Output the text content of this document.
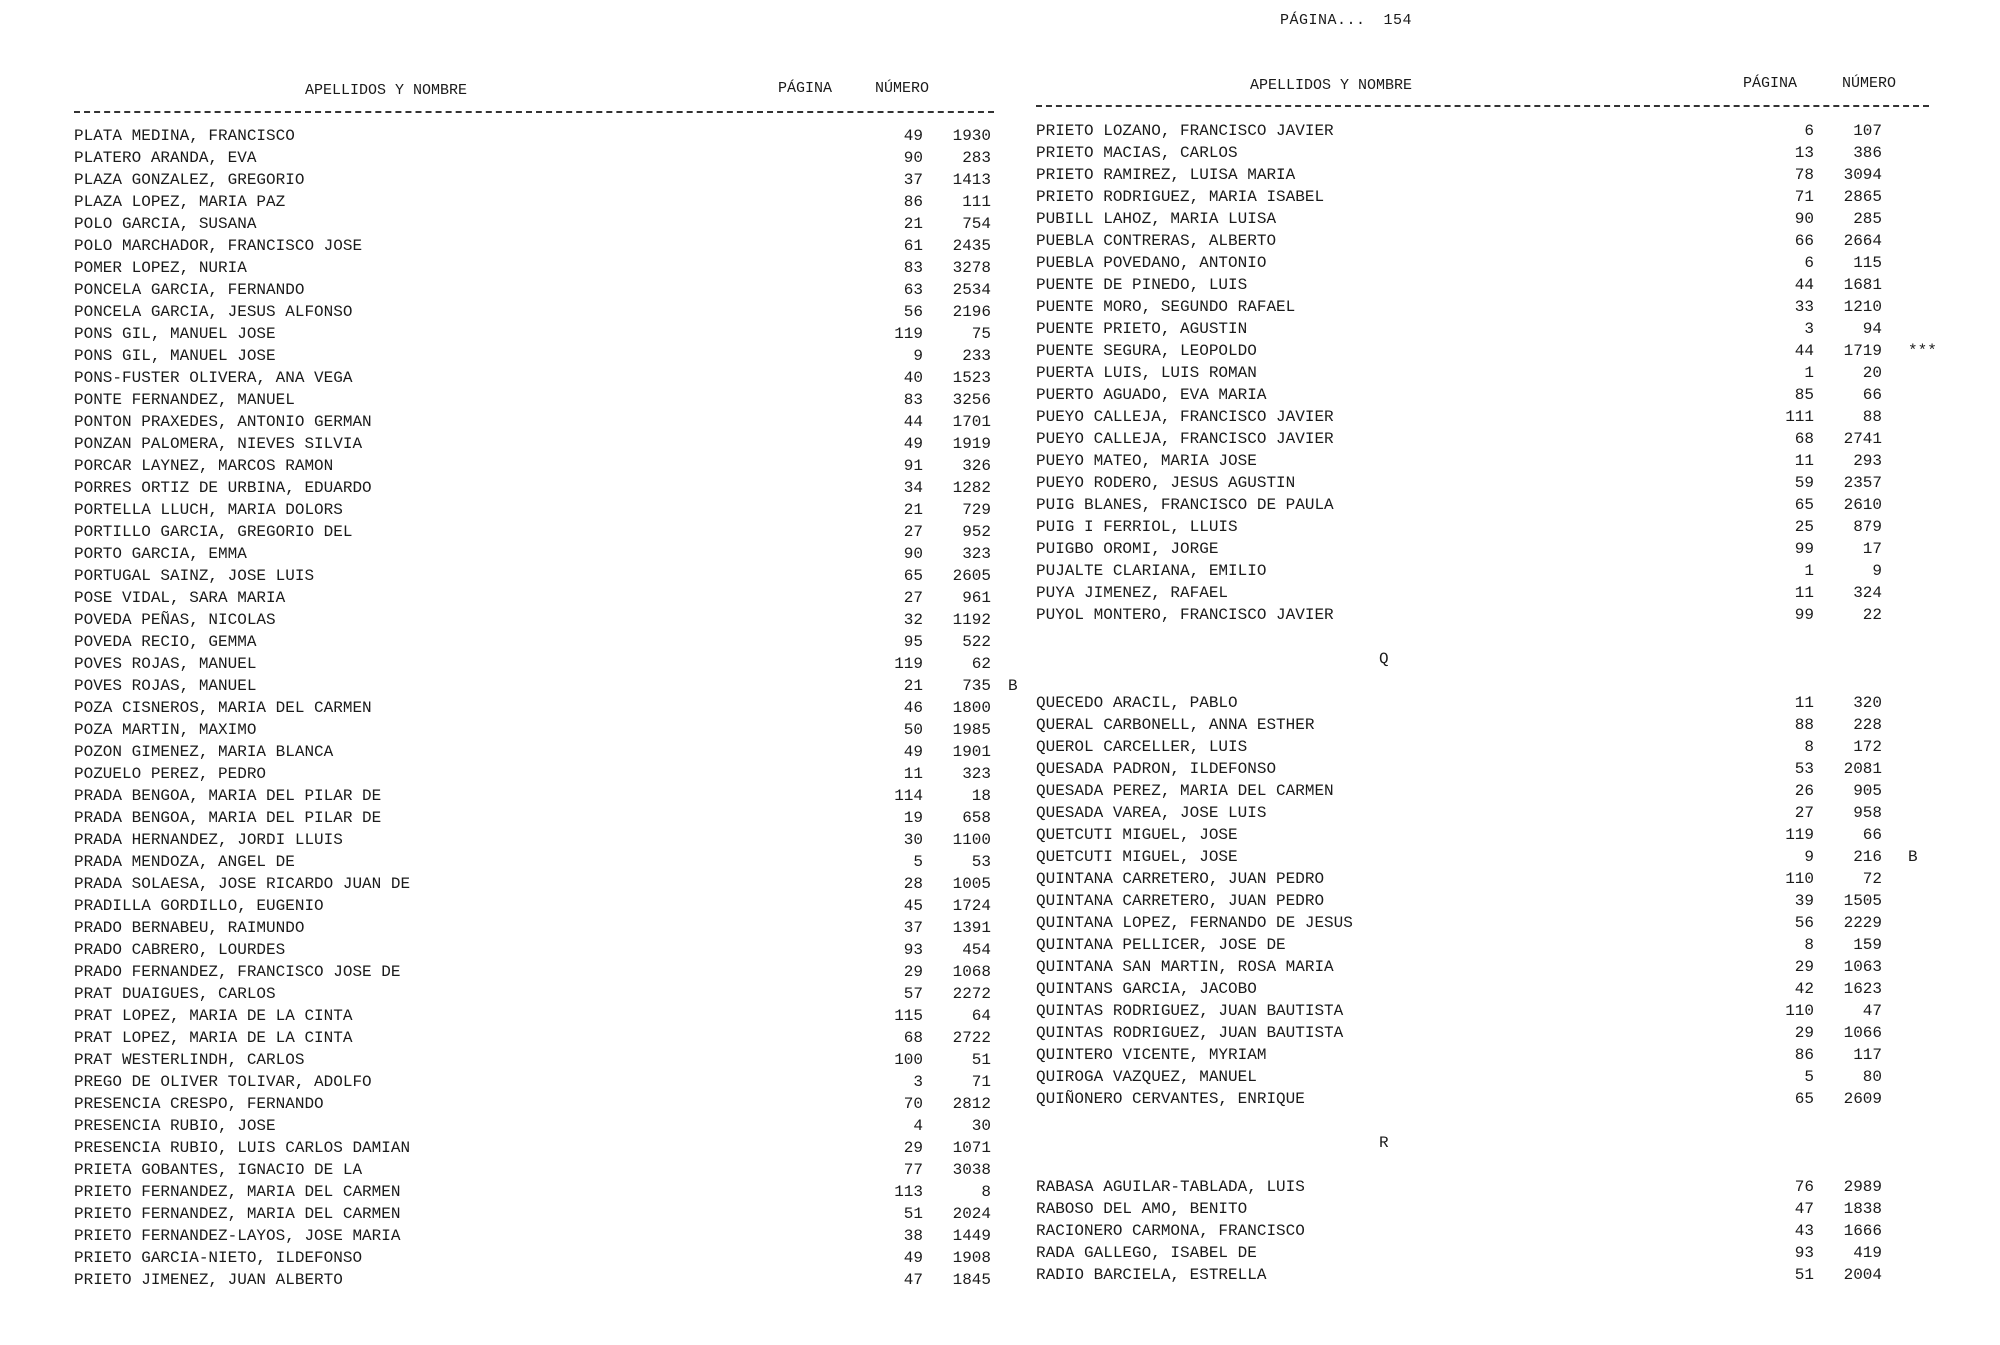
PÁGINA... 154
APELLIDOS Y NOMBRE	PÁGINA	NÚMERO	APELLIDOS Y NOMBRE	PÁGINA	NÚMERO
PLATA MEDINA, FRANCISCO	49	1930
PLATERO ARANDA, EVA	90	283
PLAZA GONZALEZ, GREGORIO	37	1413
PLAZA LOPEZ, MARIA PAZ	86	111
POLO GARCIA, SUSANA	21	754
POLO MARCHADOR, FRANCISCO JOSE	61	2435
POMER LOPEZ, NURIA	83	3278
PONCELA GARCIA, FERNANDO	63	2534
PONCELA GARCIA, JESUS ALFONSO	56	2196
PONS GIL, MANUEL JOSE	119	75
PONS GIL, MANUEL JOSE	9	233
PONS-FUSTER OLIVERA, ANA VEGA	40	1523
PONTE FERNANDEZ, MANUEL	83	3256
PONTON PRAXEDES, ANTONIO GERMAN	44	1701
PONZAN PALOMERA, NIEVES SILVIA	49	1919
PORCAR LAYNEZ, MARCOS RAMON	91	326
PORRES ORTIZ DE URBINA, EDUARDO	34	1282
PORTELLA LLUCH, MARIA DOLORS	21	729
PORTILLO GARCIA, GREGORIO DEL	27	952
PORTO GARCIA, EMMA	90	323
PORTUGAL SAINZ, JOSE LUIS	65	2605
POSE VIDAL, SARA MARIA	27	961
POVEDA PEÑAS, NICOLAS	32	1192
POVEDA RECIO, GEMMA	95	522
POVES ROJAS, MANUEL	119	62
POVES ROJAS, MANUEL	21	735 B
POZA CISNEROS, MARIA DEL CARMEN	46	1800
POZA MARTIN, MAXIMO	50	1985
POZON GIMENEZ, MARIA BLANCA	49	1901
POZUELO PEREZ, PEDRO	11	323
PRADA BENGOA, MARIA DEL PILAR DE	114	18
PRADA BENGOA, MARIA DEL PILAR DE	19	658
PRADA HERNANDEZ, JORDI LLUIS	30	1100
PRADA MENDOZA, ANGEL DE	5	53
PRADA SOLAESA, JOSE RICARDO JUAN DE	28	1005
PRADILLA GORDILLO, EUGENIO	45	1724
PRADO BERNABEU, RAIMUNDO	37	1391
PRADO CABRERO, LOURDES	93	454
PRADO FERNANDEZ, FRANCISCO JOSE DE	29	1068
PRAT DUAIGUES, CARLOS	57	2272
PRAT LOPEZ, MARIA DE LA CINTA	115	64
PRAT LOPEZ, MARIA DE LA CINTA	68	2722
PRAT WESTERLINDH, CARLOS	100	51
PREGO DE OLIVER TOLIVAR, ADOLFO	3	71
PRESENCIA CRESPO, FERNANDO	70	2812
PRESENCIA RUBIO, JOSE	4	30
PRESENCIA RUBIO, LUIS CARLOS DAMIAN	29	1071
PRIETA GOBANTES, IGNACIO DE LA	77	3038
PRIETO FERNANDEZ, MARIA DEL CARMEN	113	8
PRIETO FERNANDEZ, MARIA DEL CARMEN	51	2024
PRIETO FERNANDEZ-LAYOS, JOSE MARIA	38	1449
PRIETO GARCIA-NIETO, ILDEFONSO	49	1908
PRIETO JIMENEZ, JUAN ALBERTO	47	1845
PRIETO LOZANO, FRANCISCO JAVIER	6	107
PRIETO MACIAS, CARLOS	13	386
PRIETO RAMIREZ, LUISA MARIA	78	3094
PRIETO RODRIGUEZ, MARIA ISABEL	71	2865
PUBILL LAHOZ, MARIA LUISA	90	285
PUEBLA CONTRERAS, ALBERTO	66	2664
PUEBLA POVEDANO, ANTONIO	6	115
PUENTE DE PINEDO, LUIS	44	1681
PUENTE MORO, SEGUNDO RAFAEL	33	1210
PUENTE PRIETO, AGUSTIN	3	94
PUENTE SEGURA, LEOPOLDO	44	1719 ***
PUERTA LUIS, LUIS ROMAN	1	20
PUERTO AGUADO, EVA MARIA	85	66
PUEYO CALLEJA, FRANCISCO JAVIER	111	88
PUEYO CALLEJA, FRANCISCO JAVIER	68	2741
PUEYO MATEO, MARIA JOSE	11	293
PUEYO RODERO, JESUS AGUSTIN	59	2357
PUIG BLANES, FRANCISCO DE PAULA	65	2610
PUIG I FERRIOL, LLUIS	25	879
PUIGBO OROMI, JORGE	99	17
PUJALTE CLARIANA, EMILIO	1	9
PUYA JIMENEZ, RAFAEL	11	324
PUYOL MONTERO, FRANCISCO JAVIER	99	22
Q
QUECEDO ARACIL, PABLO	11	320
QUERAL CARBONELL, ANNA ESTHER	88	228
QUEROL CARCELLER, LUIS	8	172
QUESADA PADRON, ILDEFONSO	53	2081
QUESADA PEREZ, MARIA DEL CARMEN	26	905
QUESADA VAREA, JOSE LUIS	27	958
QUETCUTI MIGUEL, JOSE	119	66
QUETCUTI MIGUEL, JOSE	9	216 B
QUINTANA CARRETERO, JUAN PEDRO	110	72
QUINTANA CARRETERO, JUAN PEDRO	39	1505
QUINTANA LOPEZ, FERNANDO DE JESUS	56	2229
QUINTANA PELLICER, JOSE DE	8	159
QUINTANA SAN MARTIN, ROSA MARIA	29	1063
QUINTANS GARCIA, JACOBO	42	1623
QUINTAS RODRIGUEZ, JUAN BAUTISTA	110	47
QUINTAS RODRIGUEZ, JUAN BAUTISTA	29	1066
QUINTERO VICENTE, MYRIAM	86	117
QUIROGA VAZQUEZ, MANUEL	5	80
QUIÑONERO CERVANTES, ENRIQUE	65	2609
R
RABASA AGUILAR-TABLADA, LUIS	76	2989
RABOSO DEL AMO, BENITO	47	1838
RACIONERO CARMONA, FRANCISCO	43	1666
RADA GALLEGO, ISABEL DE	93	419
RADIO BARCIELA, ESTRELLA	51	2004
